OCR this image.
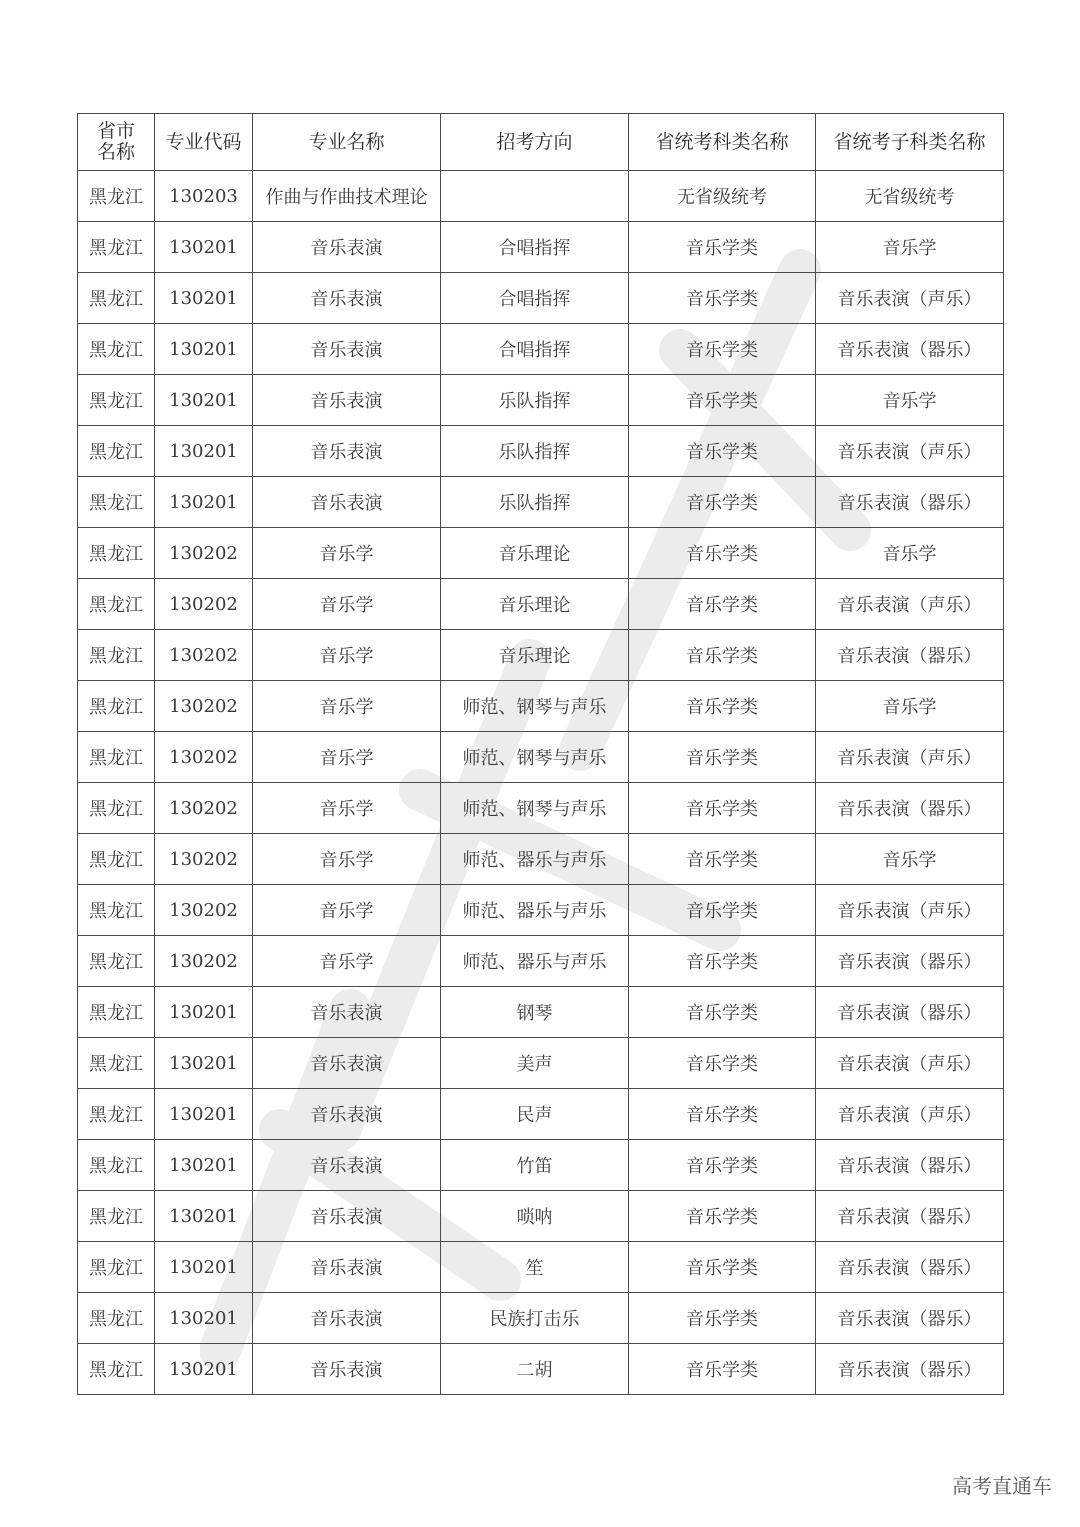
省市
名称	专业代码	专业名称	招考方向	省统考科类名称	省统考子科类名称
黑龙江	130203	作曲与作曲技术理论		无省级统考	无省级统考
黑龙江	130201	音乐表演	合唱指挥	音乐学类	音乐学
黑龙江	130201	音乐表演	合唱指挥	音乐学类	音乐表演（声乐）
黑龙江	130201	音乐表演	合唱指挥	音乐学类	音乐表演（器乐）
黑龙江	130201	音乐表演	乐队指挥	音乐学类	音乐学
黑龙江	130201	音乐表演	乐队指挥	音乐学类	音乐表演（声乐）
黑龙江	130201	音乐表演	乐队指挥	音乐学类	音乐表演（器乐）
黑龙江	130202	音乐学	音乐理论	音乐学类	音乐学
黑龙江	130202	音乐学	音乐理论	音乐学类	音乐表演（声乐）
黑龙江	130202	音乐学	音乐理论	音乐学类	音乐表演（器乐）
黑龙江	130202	音乐学	师范、钢琴与声乐	音乐学类	音乐学
黑龙江	130202	音乐学	师范、钢琴与声乐	音乐学类	音乐表演（声乐）
黑龙江	130202	音乐学	师范、钢琴与声乐	音乐学类	音乐表演（器乐）
黑龙江	130202	音乐学	师范、器乐与声乐	音乐学类	音乐学
黑龙江	130202	音乐学	师范、器乐与声乐	音乐学类	音乐表演（声乐）
黑龙江	130202	音乐学	师范、器乐与声乐	音乐学类	音乐表演（器乐）
黑龙江	130201	音乐表演	钢琴	音乐学类	音乐表演（器乐）
黑龙江	130201	音乐表演	美声	音乐学类	音乐表演（声乐）
黑龙江	130201	音乐表演	民声	音乐学类	音乐表演（声乐）
黑龙江	130201	音乐表演	竹笛	音乐学类	音乐表演（器乐）
黑龙江	130201	音乐表演	唢呐	音乐学类	音乐表演（器乐）
黑龙江	130201	音乐表演	笙	音乐学类	音乐表演（器乐）
黑龙江	130201	音乐表演	民族打击乐	音乐学类	音乐表演（器乐）
黑龙江	130201	音乐表演	二胡	音乐学类	音乐表演（器乐）
高考直通车
